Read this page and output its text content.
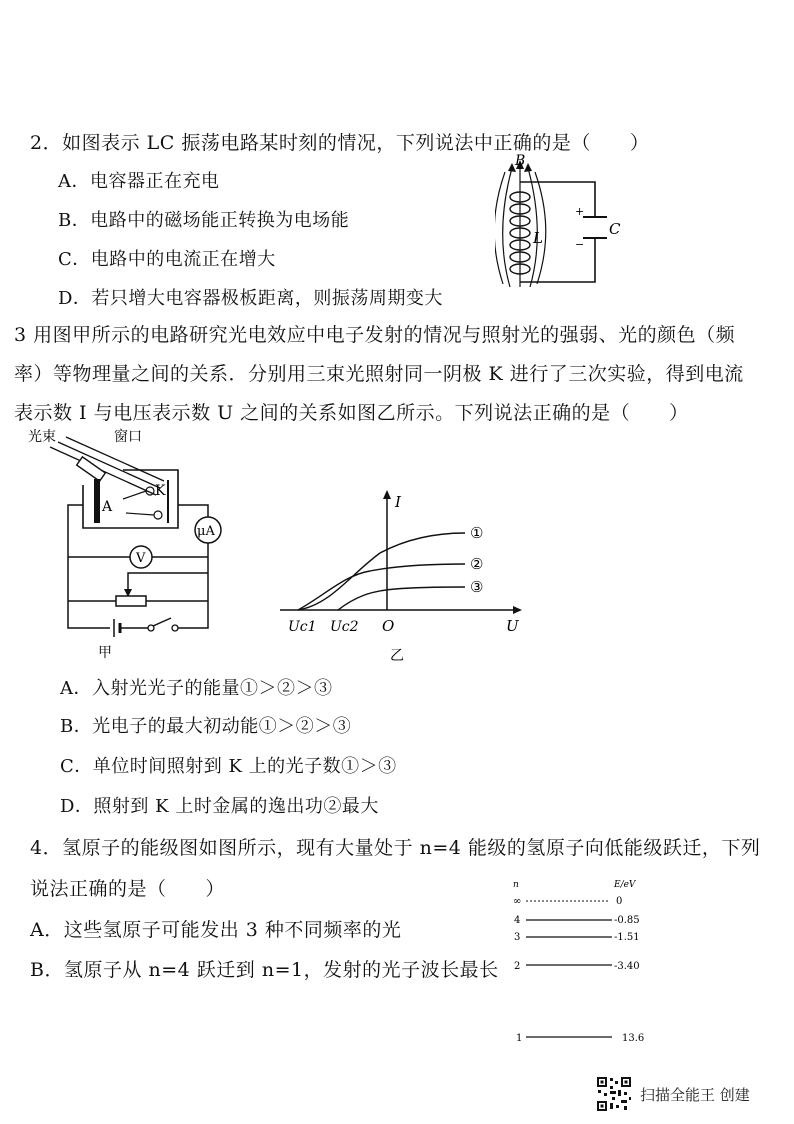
2．如图表示 LC 振荡电路某时刻的情况，下列说法中正确的是（　　）
A．电容器正在充电
B．电路中的磁场能正转换为电场能
C．电路中的电流正在增大
D．若只增大电容器极板距离，则振荡周期变大
+
−
C
B
L
3 用图甲所示的电路研究光电效应中电子发射的情况与照射光的强弱、光的颜色（频
率）等物理量之间的关系．分别用三束光照射同一阴极 K 进行了三次实验，得到电流
表示数 I 与电压表示数 U 之间的关系如图乙所示。下列说法正确的是（　　）
光束	窗口
A
K
μA
V
甲
I
U
O
Uc1 Uc2
①
②
③
乙
A．入射光光子的能量①＞②＞③
B．光电子的最大初动能①＞②＞③
C．单位时间照射到 K 上的光子数①＞③
D．照射到 K 上时金属的逸出功②最大
4．氢原子的能级图如图所示，现有大量处于 n=4 能级的氢原子向低能级跃迁，下列
说法正确的是（　　）
A．这些氢原子可能发出 3 种不同频率的光
B．氢原子从 n=4 跃迁到 n=1，发射的光子波长最长
n	E/eV
∞	0
4	-0.85
3	-1.51
2	-3.40
1	13.6
扫描全能王 创建
